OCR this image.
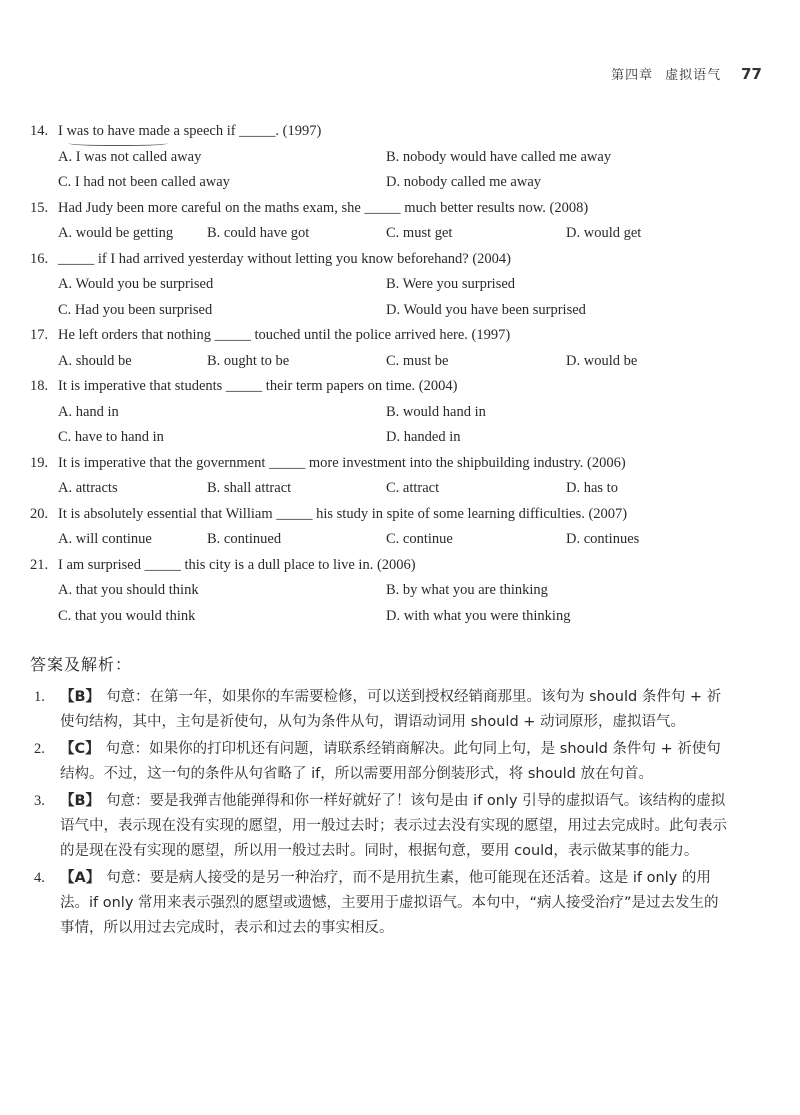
第四章 虚拟语气 77
14. I was to have made a speech if _____. (1997)
A. I was not called away	B. nobody would have called me away
C. I had not been called away	D. nobody called me away
15. Had Judy been more careful on the maths exam, she _____ much better results now. (2008)
A. would be getting B. could have got	C. must get	D. would get
16. _____ if I had arrived yesterday without letting you know beforehand? (2004)
A. Would you be surprised	B. Were you surprised
C. Had you been surprised	D. Would you have been surprised
17. He left orders that nothing _____ touched until the police arrived here. (1997)
A. should be	B. ought to be	C. must be	D. would be
18. It is imperative that students _____ their term papers on time. (2004)
A. hand in	B. would hand in
C. have to hand in	D. handed in
19. It is imperative that the government _____ more investment into the shipbuilding industry. (2006)
A. attracts	B. shall attract	C. attract	D. has to
20. It is absolutely essential that William _____ his study in spite of some learning difficulties. (2007)
A. will continue	B. continued	C. continue	D. continues
21. I am surprised _____ this city is a dull place to live in. (2006)
A. that you should think	B. by what you are thinking
C. that you would think	D. with what you were thinking
答案及解析：
1. 【B】 句意：在第一年，如果你的车需要检修，可以送到授权经销商那里。该句为 should 条件句 + 祈使句结构，其中，主句是祈使句，从句为条件从句，谓语动词用 should + 动词原形，虚拟语气。
2. 【C】 句意：如果你的打印机还有问题，请联系经销商解决。此句同上句，是 should 条件句 + 祈使句结构。不过，这一句的条件从句省略了 if，所以需要用部分倒装形式，将 should 放在句首。
3. 【B】 句意：要是我弹吉他能弹得和你一样好就好了！该句是由 if only 引导的虚拟语气。该结构的虚拟语气中，表示现在没有实现的愿望，用一般过去时；表示过去没有实现的愿望，用过去完成时。此句表示的是现在没有实现的愿望，所以用一般过去时。同时，根据句意，要用 could，表示做某事的能力。
4. 【A】 句意：要是病人接受的是另一种治疗，而不是用抗生素，他可能现在还活着。这是 if only 的用法。if only 常用来表示强烈的愿望或遗憾，主要用于虚拟语气。本句中，“病人接受治疗”是过去发生的事情，所以用过去完成时，表示和过去的事实相反。
